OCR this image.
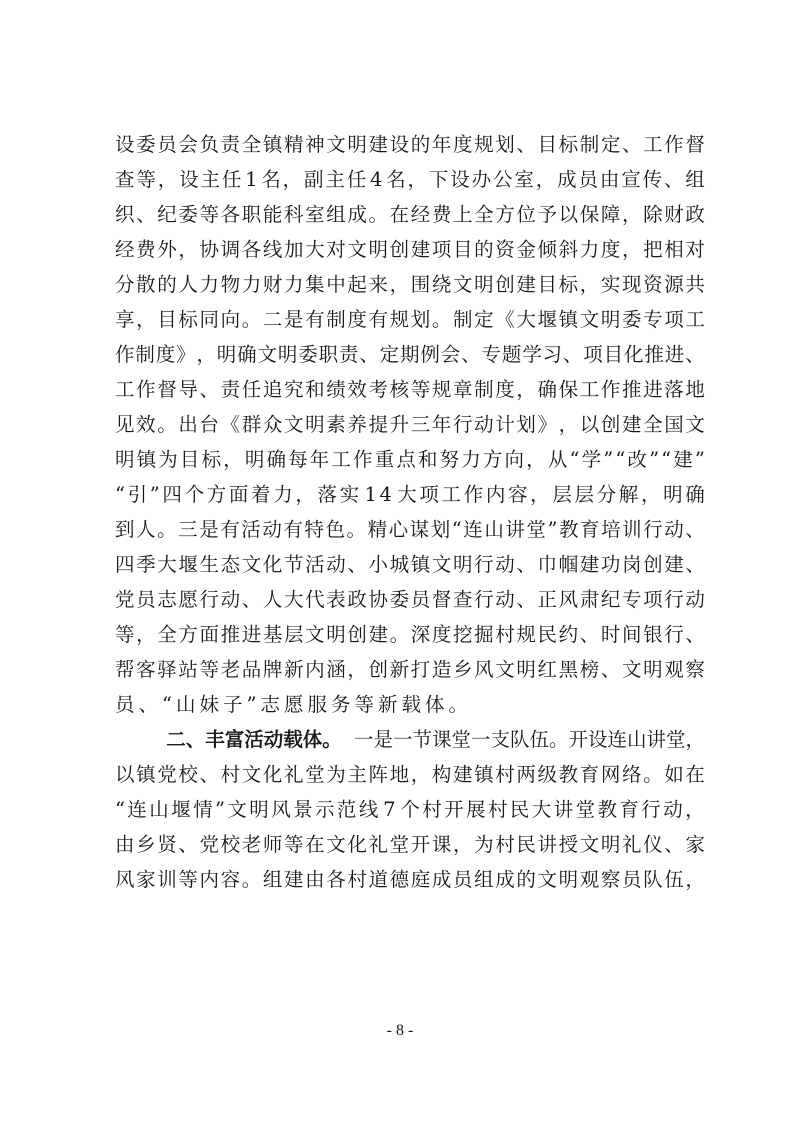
设 委 员 会 负 责 全 镇 精 神 文 明 建 设 的 年 度 规 划 、 目 标 制 定 、 工 作 督
查 等 ， 设 主 任 1 名 ， 副 主 任 4 名 ， 下 设 办 公 室 ， 成 员 由 宣 传 、 组
织 、 纪 委 等 各 职 能 科 室 组 成 。 在 经 费 上 全 方 位 予 以 保 障 ， 除 财 政
经 费 外 ， 协 调 各 线 加 大 对 文 明 创 建 项 目 的 资 金 倾 斜 力 度 ， 把 相 对
分 散 的 人 力 物 力 财 力 集 中 起 来 ， 围 绕 文 明 创 建 目 标 ， 实 现 资 源 共
享 ， 目 标 同 向 。 二 是 有 制 度 有 规 划 。 制 定 《 大 堰 镇 文 明 委 专 项 工
作 制 度 》 ， 明 确 文 明 委 职 责 、 定 期 例 会 、 专 题 学 习 、 项 目 化 推 进 、
工 作 督 导 、 责 任 追 究 和 绩 效 考 核 等 规 章 制 度 ， 确 保 工 作 推 进 落 地
见 效 。 出 台 《 群 众 文 明 素 养 提 升 三 年 行 动 计 划 》 ， 以 创 建 全 国 文
明 镇 为 目 标 ， 明 确 每 年 工 作 重 点 和 努 力 方 向 ， 从 “ 学 ” “ 改 ” “ 建 ”
“ 引 ” 四 个 方 面 着 力 ， 落 实 1 4 大 项 工 作 内 容 ， 层 层 分 解 ， 明 确
到 人 。 三 是 有 活 动 有 特 色 。 精 心 谋 划 “ 连 山 讲 堂 ” 教 育 培 训 行 动 、
四 季 大 堰 生 态 文 化 节 活 动 、 小 城 镇 文 明 行 动 、 巾 帼 建 功 岗 创 建 、
党 员 志 愿 行 动 、 人 大 代 表 政 协 委 员 督 查 行 动 、 正 风 肃 纪 专 项 行 动
等 ， 全 方 面 推 进 基 层 文 明 创 建 。 深 度 挖 掘 村 规 民 约 、 时 间 银 行 、
帮 客 驿 站 等 老 品 牌 新 内 涵 ， 创 新 打 造 乡 风 文 明 红 黑 榜 、 文 明 观 察
员、“山妹子”志愿服务等新载体。

二、丰富活动载体。 一是一节课堂一支队伍。开设连山讲堂，
以 镇 党 校 、 村 文 化 礼 堂 为 主 阵 地 ， 构 建 镇 村 两 级 教 育 网 络 。 如 在
“ 连 山 堰 情 ” 文 明 风 景 示 范 线 7 个 村 开 展 村 民 大 讲 堂 教 育 行 动 ，
由 乡 贤 、 党 校 老 师 等 在 文 化 礼 堂 开 课 ， 为 村 民 讲 授 文 明 礼 仪 、 家
风 家 训 等 内 容 。 组 建 由 各 村 道 德 庭 成 员 组 成 的 文 明 观 察 员 队 伍 ，
- 8 -
